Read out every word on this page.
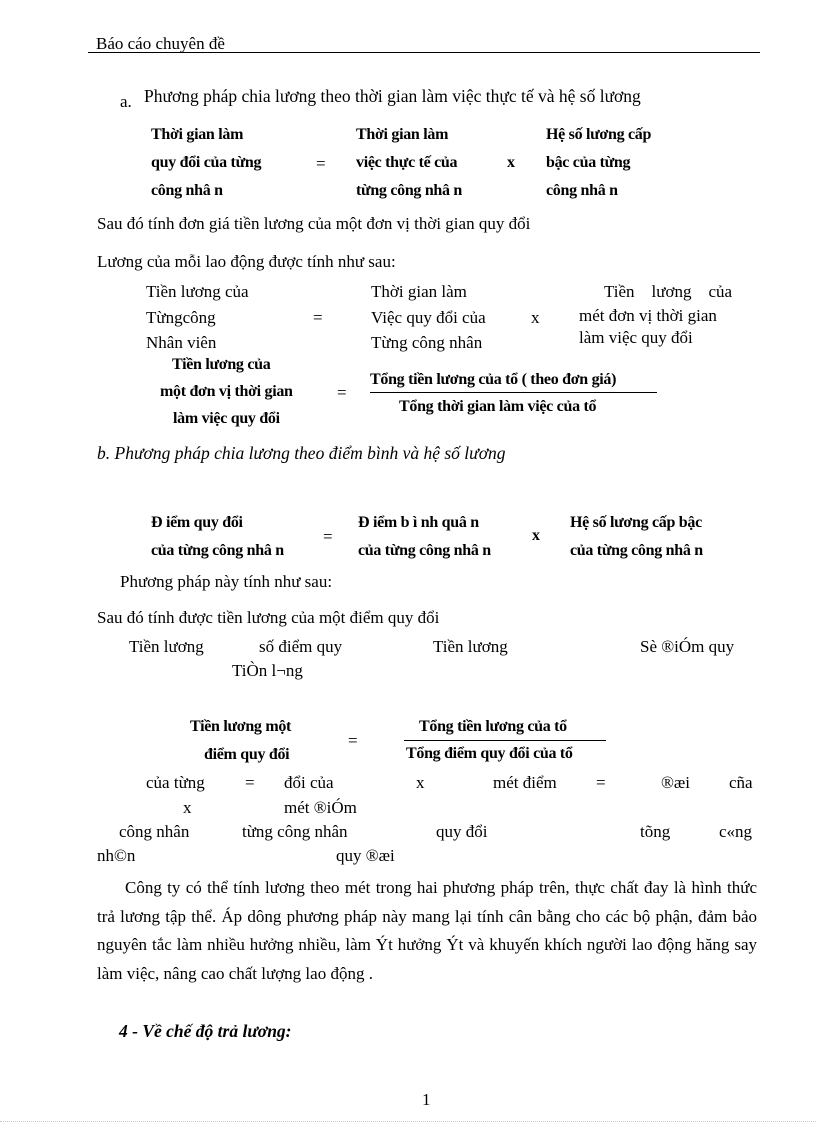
Báo cáo chuyên đề
a. Phương pháp chia lương theo thời gian làm việc thực tế và hệ số lương
Thời gian làm
quy đổi của từng
công nhâ n
=
Thời gian làm
việc thực tế của
từng công nhâ n
x
Hệ số lương cấp
bậc của từng
công nhâ n
Sau đó tính đơn giá tiền lương của một đơn vị thời gian quy đổi
Lương của mỗi lao động được tính như sau:
Tiền lương của
Từngcông
Nhân viên
=
Thời gian làm
Việc quy đổi của
Từng công nhân
x
Tiền    lương    của
mét đơn vị thời gian
làm việc quy đổi
Tiền lương của
một đơn vị thời gian
làm việc quy đổi
=
Tổng tiền lương của tổ ( theo đơn giá)
Tổng thời gian làm việc của tổ
b. Phương pháp chia lương theo điểm bình và hệ số lương
Đ iểm quy đổi
của từng công nhâ n
=
Đ iểm b ì nh quâ n
của từng công nhâ n
x
Hệ số lương cấp bậc
của từng công nhâ n
Phương pháp này tính như sau:
Sau đó tính được tiền lương của một điểm quy đổi
Tiền lương	số điểm quy	Tiền lương	Sè ®iÓm quy
TiÒn l¬ng
Tiền lương một
điểm quy đổi
=
Tổng tiền lương của tổ
Tổng điểm quy đổi của tổ
của từng = đổi của	x	mét điểm =	®æi cña
x	mét ®iÓm
công nhân	từng công nhân	quy đổi	tõng	c«ng
nh©n	quy ®æi

Công ty có thể tính lương theo mét trong hai phương pháp trên, thực chất đay là hình thức trả lương tập thể. Áp dông phương pháp này mang lại tính cân bằng cho các bộ phận, đảm bảo nguyên tắc làm nhiều hưởng nhiều, làm Ýt hưởng Ýt và khuyến khích người lao động hăng say làm việc, nâng cao chất lượng lao động .

4 - Về chế độ trả lương:
1
